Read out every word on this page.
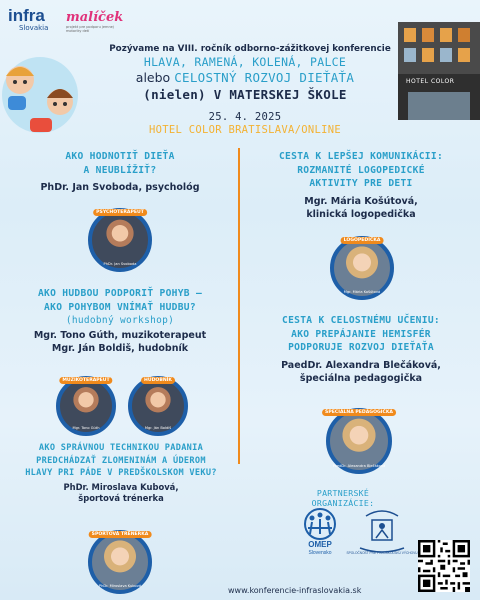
infra
Slovakia
malíček
projekt pre podporu jemnej motoriky detí
HOTEL COLOR
Pozývame na VIII. ročník odborno-zážitkovej konferencie
HLAVA, RAMENÁ, KOLENÁ, PALCE
alebo CELOSTNÝ ROZVOJ DIEŤAŤA
(nielen) V MATERSKEJ ŠKOLE
25. 4. 2025
HOTEL COLOR BRATISLAVA/ONLINE
AKO HODNOTIŤ DIEŤA
A NEUBLÍŽIŤ?
PhDr. Jan Svoboda, psychológ
PSYCHOTERAPEUT
PhDr. Jan Svoboda
CESTA K LEPŠEJ KOMUNIKÁCII:
ROZMANITÉ LOGOPEDICKÉ
AKTIVITY PRE DETI
Mgr. Mária Košútová,
klinická logopedička
LOGOPEDIČKA
Mgr. Mária Košútová
AKO HUDBOU PODPORIŤ POHYB –
AKO POHYBOM VNÍMAŤ HUDBU?
(hudobný workshop)
Mgr. Tono Gúth, muzikoterapeut
Mgr. Ján Boldiš, hudobník
MUZIKOTERAPEUT
Mgr. Tono Gúth
HUDOBNÍK
Mgr. Ján Boldiš
CESTA K CELOSTNÉMU UČENIU:
AKO PREPÁJANIE HEMISFÉR
PODPORUJE ROZVOJ DIEŤAŤA
PaedDr. Alexandra Blečáková,
špeciálna pedagogička
ŠPECIÁLNA PEDAGOGIČKA
PaedDr. Alexandra Blečáková
AKO SPRÁVNOU TECHNIKOU PADANIA
PREDCHÁDZAŤ ZLOMENINÁM A ÚDEROM
HLAVY PRI PÁDE V PREDŠKOLSKOM VEKU?
PhDr. Miroslava Kubová,
športová trénerka
ŠPORTOVÁ TRÉNERKA
PhDr. Miroslava Kubová
PARTNERSKÉ ORGANIZÁCIE:
OMEP
Slovensko	SPOLOČNOSŤ PRE PREDŠKOLSKÚ VÝCHOVU
www.konferencie-infraslovakia.sk
